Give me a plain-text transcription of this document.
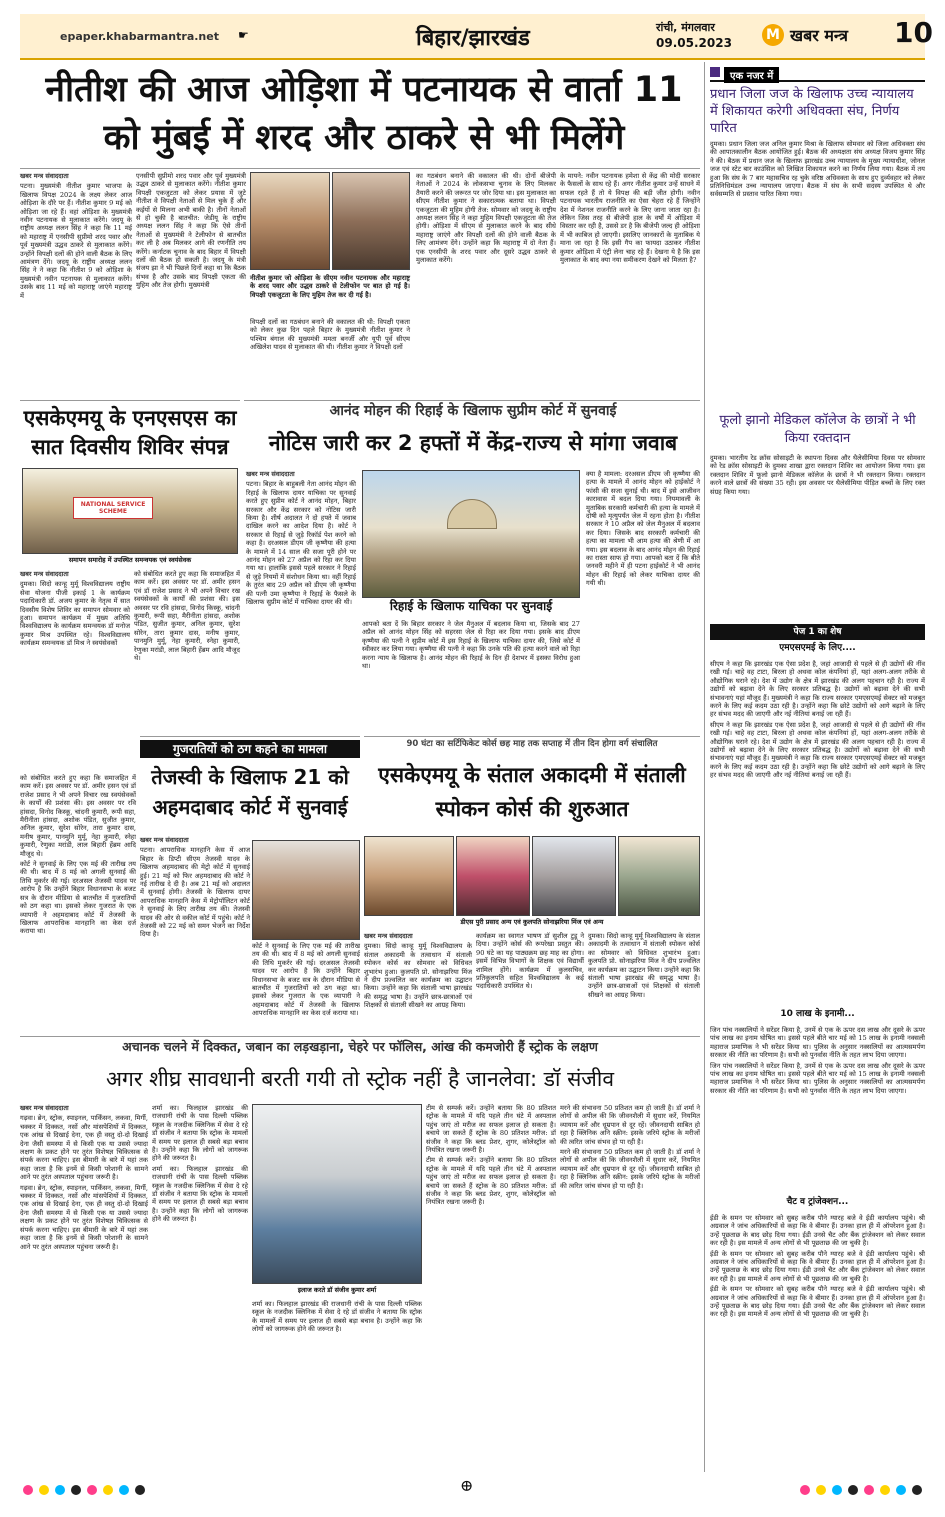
epaper.khabarmantra.net ☛	बिहार/झारखंड	रांची, मंगलवार
09.05.2023 M खबर मन्त्र 10
नीतीश की आज ओड़िशा में पटनायक से वार्ता 11 को मुंबई में शरद और ठाकरे से भी मिलेंगे
खबर मन्त्र संवाददाता

पटना। मुख्यमंत्री नीतीश कुमार भाजपा के खिलाफ विपक्ष 2024 के लक्ष्य लेकर आज ओड़िशा के दौरे पर हैं। नीतीश कुमार 9 मई को ओड़िशा जा रहे हैं। वहां ओड़िशा के मुख्यमंत्री नवीन पटनायक से मुलाकात करेंगे। जदयू के राष्ट्रीय अध्यक्ष ललन सिंह ने कहा कि 11 मई को महाराष्ट्र में एनसीपी सुप्रीमो शरद पवार और पूर्व मुख्यमंत्री उद्धव ठाकरे से मुलाकात करेंगे। उन्होंने विपक्षी दलों की होने वाली बैठक के लिए आमंत्रण देंगे। जदयू के राष्ट्रीय अध्यक्ष ललन सिंह ने ने कहा कि नीतीश 9 को ओड़िशा के मुख्यमंत्री नवीन पटनायक से मुलाकात करेंगे। उसके बाद 11 मई को महाराष्ट्र जाएंगे महाराष्ट्र में

एनसीपी सुप्रीमो शरद पवार और पूर्व मुख्यमंत्री उद्धव ठाकरे से मुलाकात करेंगे। नीतीश कुमार विपक्षी एकजुटता को लेकर प्रयास में जुटे नीतीश वे विपक्षी नेताओं से मिल चुके हैं और कईयों से मिलना अभी बाकी है। तीनों नेताओं से हो चुकी है बातचीत: जेडीयू के राष्ट्रीय अध्यक्ष ललन सिंह ने कहा कि ऐसे तीनों नेताओं से मुख्यमंत्री ने टेलीफोन से बातचीत कर ली है अब मिलकर आगे की रणनीति तय करेंगे। कर्नाटक चुनाव के बाद बिहार में विपक्षी दलों की बैठक हो सकती है। जदयू के मंत्री संजय झा ने भी पिछले दिनों कहा था कि बैठक संभव है और उसके बाद विपक्षी एकता की मुहिम और तेज होगी। मुख्यमंत्री

नीतीश कुमार जो ओड़िशा के सीएम नवीन पटनायक और महाराष्ट्र के शरद पवार और उद्धव ठाकरे से टेलीफोन पर बात हो गई है। विपक्षी एकजुटता के लिए मुहिम तेज कर दी गई है।

विपक्षी दलों का गठबंधन बनाने की वकालत की थी: विपक्षी एकता को लेकर कुछ दिन पहले बिहार के मुख्यमंत्री नीतीश कुमार ने पश्चिम बंगाल की मुख्यमंत्री ममता बनर्जी और यूपी पूर्व सीएम अखिलेश यादव से मुलाकात की थी। नीतीश कुमार ने विपक्षी दलों

का गठबंधन बनाने की वकालत की थी। दोनों बीजेपी नेताओं ने 2024 के लोकसभा चुनाव के लिए मिलकर तैयारी करने की जरूरत पर जोर दिया था। इस मुलाकात का सीएम नीतीश कुमार ने सकारात्मक बताया था। विपक्षी एकजुटता की मुहिम होगी तेज: सोमवार को जदयू के राष्ट्रीय अध्यक्ष ललन सिंह ने कहा मुहिम विपक्षी एकजुटता की तेज होगी। ओड़िशा में सीएम से मुलाकात करने के बाद सीधे महाराष्ट्र जाएंगे और विपक्षी दलों की होने वाली बैठक के लिए आमंत्रण देंगे। उन्होंने कहा कि महाराष्ट्र में दो नेता हैं। एक एनसीपी के शरद पवार और दूसरे उद्धव ठाकरे से मुलाकात करेंगे।

के मायने: नवीन पटनायक हमेशा से केंद्र की मोदी सरकार के फैसलों के साथ रहे हैं। अगर नीतीश कुमार उन्हें साधने में सफल रहते हैं तो ये विपक्ष की बड़ी जीत होगी। नवीन पटनायक भारतीय राजनीति का ऐसा चेहरा रहे हैं जिन्होंने देश में नेशनल राजनीति करने के लिए जाना जाता रहा है। लेकिन जिस तरह से बीजेपी हाल के वर्षों में ओड़िशा में विस्तार कर रही है, उससे डर है कि बीजेपी जल्द ही ओड़िशा में भी काबिज हो जाएगी। इसलिए जानकारों के मुताबिक ये माना जा रहा है कि इसी गैप का फायदा उठाकर नीतीश कुमार ओड़िशा में एंट्री लेना चाह रहे हैं। देखना ये है कि इस मुलाकात के बाद क्या नया समीकरण देखने को मिलता है?

एसकेएमयू के एनएसएस का सात दिवसीय शिविर संपन्न
NATIONAL SERVICE SCHEME
समापन समारोह में उपस्थित समन्वयक एवं स्वयंसेवक
खबर मन्त्र संवाददाता

दुमका। सिदो कान्हू मुर्मू विश्वविद्यालय राष्ट्रीय सेवा योजना पीजी इकाई 1 के कार्यक्रम पदाधिकारी डॉ. अजय कुमार के नेतृत्व में सात दिवसीय विशेष शिविर का समापन सोमवार को हुआ। समापन कार्यक्रम में मुख्य अतिथि विश्वविद्यालय के कार्यक्रम समन्वयक डॉ मनोज कुमार मिश्र उपस्थित रहे। विश्वविद्यालय कार्यक्रम समन्वयक डॉ मिश्र ने स्वयंसेवकों

को संबोधित करते हुए कहा कि समाजहित में काम करें। इस अवसर पर डॉ. अमीर हसन एवं डॉ राजेश प्रसाद ने भी अपने विचार रख स्वयंसेवकों के कार्यों की प्रशंसा की। इस अवसर पर रवि हांसदा, विनोद किस्कू, चांदनी कुमारी, रूपी सहा, मैरीनीता हांसदा, अशोक पंडित, सुजीत कुमार, अनिल कुमार, सुरेश सोरेन, तारा कुमार दास, मनीष कुमार, पानमुनि मुर्मू, नेहा कुमारी, स्नेहा कुमारी, रेणुका मरांडी, लाल बिहारी हेंब्रम आदि मौजूद थे।

आनंद मोहन की रिहाई के खिलाफ सुप्रीम कोर्ट में सुनवाई
नोटिस जारी कर 2 हफ्तों में केंद्र-राज्य से मांगा जवाब
खबर मन्त्र संवाददाता

पटना। बिहार के बाहुबली नेता आनंद मोहन की रिहाई के खिलाफ दायर याचिका पर सुनवाई करते हुए सुप्रीम कोर्ट ने आनंद मोहन, बिहार सरकार और केंद्र सरकार को नोटिस जारी किया है। शीर्ष अदालत ने दो हफ्ते में जवाब दाखिल करने का आदेश दिया है। कोर्ट ने सरकार से रिहाई से जुड़े रिकॉर्ड पेश करने को कहा है। दरअसल डीएम जी कृष्णैया की हत्या के मामले में 14 साल की सजा पूरी होने पर आनंद मोहन को 27 अप्रैल को रिहा कर दिया गया था। हालांकि इससे पहले सरकार ने रिहाई से जुड़े नियमों में संशोधन किया था। वहीं रिहाई के तुरंत बाद 29 अप्रैल को डीएम जी कृष्णैया की पत्नी उमा कृष्णैया ने रिहाई के फैसले के खिलाफ सुप्रीम कोर्ट में याचिका दायर की थी।	रिहाई के खिलाफ याचिका पर सुनवाई

आपको बता दें कि बिहार सरकार ने जेल मैनुअल में बदलाव किया था, जिसके बाद 27 अप्रैल को आनंद मोहन सिंह को सहरसा जेल से रिहा कर दिया गया। इसके बाद डीएम कृष्णैया की पत्नी ने सुप्रीम कोर्ट में इस रिहाई के खिलाफ याचिका दायर की, जिसे कोर्ट में स्वीकार कर लिया गया। कृष्णैया की पत्नी ने कहा कि उनके पति की हत्या करने वाले को रिहा करना न्याय के खिलाफ है। आनंद मोहन की रिहाई के दिन ही देशभर में इसका विरोध हुआ था।

क्या है मामला: दरअसल डीएम जी कृष्णैया की हत्या के मामले में आनंद मोहन को हाईकोर्ट ने फांसी की सजा सुनाई थी। बाद में इसे आजीवन कारावास में बदल दिया गया। नियमावली के मुताबिक सरकारी कर्मचारी की हत्या के मामले में दोषी को मृत्युपर्यंत जेल में रहना होता है। नीतीश सरकार ने 10 अप्रैल को जेल मैनुअल में बदलाव कर दिया। जिसके बाद सरकारी कर्मचारी की हत्या का मामला भी आम हत्या की श्रेणी में आ गया। इस बदलाव के बाद आनंद मोहन की रिहाई का रास्ता साफ हो गया। आपको बता दें कि बीते जनवरी महीने में ही पटना हाईकोर्ट ने भी आनंद मोहन की रिहाई को लेकर याचिका दायर की गयी थी।

गुजरातियों को ठग कहने का मामला
तेजस्वी के खिलाफ 21 को अहमदाबाद कोर्ट में सुनवाई
खबर मन्त्र संवाददाता

पटना। आपराधिक मानहानि केस में आज बिहार के डिप्टी सीएम तेजस्वी यादव के खिलाफ अहमदाबाद की मेट्रो कोर्ट में सुनवाई हुई। 21 मई को फिर अहमदाबाद की कोर्ट ने नई तारीख दे दी है। अब 21 मई को अदालत में सुनवाई होगी। तेजस्वी के खिलाफ दायर आपराधिक मानहानि केस में मेट्रोपॉलिटन कोर्ट ने सुनवाई के लिए तारीख तय की। तेजस्वी यादव की ओर से वकील कोर्ट में पहुंचे। कोर्ट ने तेजस्वी को 22 मई को समन भेजने का निर्देश दिया है।

कोर्ट ने सुनवाई के लिए एक मई की तारीख तय की थी। बाद में 8 मई को अगली सुनवाई की तिथि मुकर्रर की गई। दरअसल तेजस्वी यादव पर आरोप है कि उन्होंने बिहार विधानसभा के बजट सत्र के दौरान मीडिया से बातचीत में गुजरातियों को ठग कहा था। इसको लेकर गुजरात के एक व्यापारी ने अहमदाबाद कोर्ट में तेजस्वी के खिलाफ आपराधिक मानहानि का केस दर्ज कराया था।

90 घंटा का सर्टिफिकेट कोर्स छह माह तक सप्ताह में तीन दिन होगा वर्ग संचालित
एसकेएमयू के संताल अकादमी में संताली स्पोकन कोर्स की शुरुआत
डीएस पुरी प्रसाद अन्य एवं कुलपति सोनाझरिया मिंज एवं अन्य
खबर मन्त्र संवाददाता

दुमका। सिदो कान्हू मुर्मू विश्वविद्यालय के संताल अकादमी के तत्वाधान में संताली स्पोकन कोर्स का सोमवार को विधिवत शुभारंभ हुआ। कुलपति प्रो. सोनाझरिया मिंज ने दीप प्रज्वलित कर कार्यक्रम का उद्घाटन किया। उन्होंने कहा कि संताली भाषा झारखंड की समृद्ध भाषा है। उन्होंने छात्र-छात्राओं एवं शिक्षकों से संताली सीखने का आग्रह किया।

कार्यक्रम का स्वागत भाषण डॉ सुशील टुडू ने दिया। उन्होंने कोर्स की रूपरेखा प्रस्तुत की। 90 घंटे का यह पाठ्यक्रम छह माह का होगा। इसमें विभिन्न विभागों के शिक्षक एवं विद्यार्थी शामिल होंगे। कार्यक्रम में कुलसचिव, प्रतिकुलपति सहित विश्वविद्यालय के कई पदाधिकारी उपस्थित थे।

दुमका। सिदो कान्हू मुर्मू विश्वविद्यालय के संताल अकादमी के तत्वाधान में संताली स्पोकन कोर्स का सोमवार को विधिवत शुभारंभ हुआ। कुलपति प्रो. सोनाझरिया मिंज ने दीप प्रज्वलित कर कार्यक्रम का उद्घाटन किया। उन्होंने कहा कि संताली भाषा झारखंड की समृद्ध भाषा है। उन्होंने छात्र-छात्राओं एवं शिक्षकों से संताली सीखने का आग्रह किया।

को संबोधित करते हुए कहा कि समाजहित में काम करें। इस अवसर पर डॉ. अमीर हसन एवं डॉ राजेश प्रसाद ने भी अपने विचार रख स्वयंसेवकों के कार्यों की प्रशंसा की। इस अवसर पर रवि हांसदा, विनोद किस्कू, चांदनी कुमारी, रूपी सहा, मैरीनीता हांसदा, अशोक पंडित, सुजीत कुमार, अनिल कुमार, सुरेश सोरेन, तारा कुमार दास, मनीष कुमार, पानमुनि मुर्मू, नेहा कुमारी, स्नेहा कुमारी, रेणुका मरांडी, लाल बिहारी हेंब्रम आदि मौजूद थे।

कोर्ट ने सुनवाई के लिए एक मई की तारीख तय की थी। बाद में 8 मई को अगली सुनवाई की तिथि मुकर्रर की गई। दरअसल तेजस्वी यादव पर आरोप है कि उन्होंने बिहार विधानसभा के बजट सत्र के दौरान मीडिया से बातचीत में गुजरातियों को ठग कहा था। इसको लेकर गुजरात के एक व्यापारी ने अहमदाबाद कोर्ट में तेजस्वी के खिलाफ आपराधिक मानहानि का केस दर्ज कराया था।

अचानक चलने में दिक्कत, जबान का लड़खड़ाना, चेहरे पर फॉलिस, आंख की कमजोरी हैं स्ट्रोक के लक्षण
अगर शीघ्र सावधानी बरती गयी तो स्ट्रोक नहीं है जानलेवा: डॉ संजीव
खबर मन्त्र संवाददाता

गढ़वा। ब्रेन, स्ट्रोक, स्पाइनल, पार्किंसन, लकवा, मिर्गी, चक्कर में दिक्कत, नसों और मांसपेशियों में दिक्कत, एक आंख से दिखाई देना, एक ही वस्तु दो-दो दिखाई देना जैसी समस्या में से किसी एक या उससे ज्यादा लक्षण के प्रकट होने पर तुरंत विशेषज्ञ चिकित्सक से संपर्क करना चाहिए। इस बीमारी के बारे में यहां तक कहा जाता है कि इनमें से किसी परेशानी के सामने आने पर तुरंत अस्पताल पहुंचना जरूरी है।

गढ़वा। ब्रेन, स्ट्रोक, स्पाइनल, पार्किंसन, लकवा, मिर्गी, चक्कर में दिक्कत, नसों और मांसपेशियों में दिक्कत, एक आंख से दिखाई देना, एक ही वस्तु दो-दो दिखाई देना जैसी समस्या में से किसी एक या उससे ज्यादा लक्षण के प्रकट होने पर तुरंत विशेषज्ञ चिकित्सक से संपर्क करना चाहिए। इस बीमारी के बारे में यहां तक कहा जाता है कि इनमें से किसी परेशानी के सामने आने पर तुरंत अस्पताल पहुंचना जरूरी है।

शर्मा का। फिलहाल झारखंड की राजधानी रांची के पास दिल्ली पब्लिक स्कूल के नजदीक क्लिनिक में सेवा दे रहे डॉ संजीव ने बताया कि स्ट्रोक के मामलों में समय पर इलाज ही सबसे बड़ा बचाव है। उन्होंने कहा कि लोगों को जागरूक होने की जरूरत है।

शर्मा का। फिलहाल झारखंड की राजधानी रांची के पास दिल्ली पब्लिक स्कूल के नजदीक क्लिनिक में सेवा दे रहे डॉ संजीव ने बताया कि स्ट्रोक के मामलों में समय पर इलाज ही सबसे बड़ा बचाव है। उन्होंने कहा कि लोगों को जागरूक होने की जरूरत है।

इलाज करते डॉ संजीव कुमार शर्मा

शर्मा का। फिलहाल झारखंड की राजधानी रांची के पास दिल्ली पब्लिक स्कूल के नजदीक क्लिनिक में सेवा दे रहे डॉ संजीव ने बताया कि स्ट्रोक के मामलों में समय पर इलाज ही सबसे बड़ा बचाव है। उन्होंने कहा कि लोगों को जागरूक होने की जरूरत है।

टीम से सम्पर्क करें। उन्होंने बताया कि 80 प्रतिशत स्ट्रोक के मामले में यदि पहले तीन घंटे में अस्पताल पहुंच जाएं तो मरीज का सफल इलाज हो सकता है। बचाये जा सकते हैं स्ट्रोक के 80 प्रतिशत मरीज: डॉ संजीव ने कहा कि ब्लड प्रेशर, शुगर, कोलेस्ट्रॉल को नियंत्रित रखना जरूरी है।

टीम से सम्पर्क करें। उन्होंने बताया कि 80 प्रतिशत स्ट्रोक के मामले में यदि पहले तीन घंटे में अस्पताल पहुंच जाएं तो मरीज का सफल इलाज हो सकता है। बचाये जा सकते हैं स्ट्रोक के 80 प्रतिशत मरीज: डॉ संजीव ने कहा कि ब्लड प्रेशर, शुगर, कोलेस्ट्रॉल को नियंत्रित रखना जरूरी है।

मरने की संभावना 50 प्रतिशत कम हो जाती है। डॉ शर्मा ने लोगों से अपील की कि जीवनशैली में सुधार करें, नियमित व्यायाम करें और धूम्रपान से दूर रहें। जीवनदायी साबित हो रहा है क्लिनिक अनि स्क्रीन: इसके जरिये स्ट्रोक के मरीजों की त्वरित जांच संभव हो पा रही है।

मरने की संभावना 50 प्रतिशत कम हो जाती है। डॉ शर्मा ने लोगों से अपील की कि जीवनशैली में सुधार करें, नियमित व्यायाम करें और धूम्रपान से दूर रहें। जीवनदायी साबित हो रहा है क्लिनिक अनि स्क्रीन: इसके जरिये स्ट्रोक के मरीजों की त्वरित जांच संभव हो पा रही है।

एक नजर में
प्रधान जिला जज के खिलाफ उच्च न्यायालय में शिकायत करेगी अधिवक्ता संघ, निर्णय पारित
दुमका। प्रधान जिला जज अनिल कुमार मिश्रा के खिलाफ सोमवार को जिला अधिवक्ता संघ की आपातकालीन बैठक आयोजित हुई। बैठक की अध्यक्षता संघ अध्यक्ष विजय कुमार सिंह ने की। बैठक में प्रधान जज के खिलाफ झारखंड उच्च न्यायालय के मुख्य न्यायाधीश, जोनल जज एवं स्टेट बार काउंसिल को लिखित शिकायत करने का निर्णय लिया गया। बैठक में तय हुआ कि संघ के 7 बार महासचिव रह चुके वरिष्ठ अधिवक्ता के साथ हुए दुर्व्यवहार को लेकर प्रतिनिधिमंडल उच्च न्यायालय जाएगा। बैठक में संघ के सभी सदस्य उपस्थित थे और सर्वसम्मति से प्रस्ताव पारित किया गया।
फूलो झानो मेडिकल कॉलेज के छात्रों ने भी किया रक्तदान
दुमका। भारतीय रेड क्रॉस सोसाइटी के स्थापना दिवस और थैलेसीमिया दिवस पर सोमवार को रेड क्रॉस सोसाइटी के दुमका शाखा द्वारा रक्तदान शिविर का आयोजन किया गया। इस रक्तदान शिविर में फूलो झानो मेडिकल कॉलेज के छात्रों ने भी रक्तदान किया। रक्तदान करने वाले छात्रों की संख्या 35 रही। इस अवसर पर थैलेसीमिया पीड़ित बच्चों के लिए रक्त संग्रह किया गया।
पेज 1 का शेष
एमएसएमई के लिए....

सीएम ने कहा कि झारखंड एक ऐसा प्रदेश है, जहां आजादी से पहले से ही उद्योगों की नींव रखी गई। चाहे वह टाटा, बिरला हो अथवा कोल कंपनियां हों, यहां अलग-अलग तरीके से औद्योगिक घराने रहे। देश में उद्योग के क्षेत्र में झारखंड की अलग पहचान रही है। राज्य में उद्योगों को बढ़ावा देने के लिए सरकार प्रतिबद्ध है। उद्योगों को बढ़ावा देने की सभी संभावनाएं यहां मौजूद हैं। मुख्यमंत्री ने कहा कि राज्य सरकार एमएसएमई सेक्टर को मजबूत करने के लिए कई कदम उठा रही है। उन्होंने कहा कि छोटे उद्योगों को आगे बढ़ाने के लिए हर संभव मदद की जाएगी और नई नीतियां बनाई जा रही हैं।

सीएम ने कहा कि झारखंड एक ऐसा प्रदेश है, जहां आजादी से पहले से ही उद्योगों की नींव रखी गई। चाहे वह टाटा, बिरला हो अथवा कोल कंपनियां हों, यहां अलग-अलग तरीके से औद्योगिक घराने रहे। देश में उद्योग के क्षेत्र में झारखंड की अलग पहचान रही है। राज्य में उद्योगों को बढ़ावा देने के लिए सरकार प्रतिबद्ध है। उद्योगों को बढ़ावा देने की सभी संभावनाएं यहां मौजूद हैं। मुख्यमंत्री ने कहा कि राज्य सरकार एमएसएमई सेक्टर को मजबूत करने के लिए कई कदम उठा रही है। उन्होंने कहा कि छोटे उद्योगों को आगे बढ़ाने के लिए हर संभव मदद की जाएगी और नई नीतियां बनाई जा रही हैं।

10 लाख के इनामी...

जिन पांच नक्सलियों ने सरेंडर किया है, उनमें से एक के ऊपर दस लाख और दूसरे के ऊपर पांच लाख का इनाम घोषित था। इससे पहले बीते चार मई को 15 लाख के इनामी नक्सली महाराज प्रमाणिक ने भी सरेंडर किया था। पुलिस के अनुसार नक्सलियों का आत्मसमर्पण सरकार की नीति का परिणाम है। सभी को पुनर्वास नीति के तहत लाभ दिया जाएगा।

जिन पांच नक्सलियों ने सरेंडर किया है, उनमें से एक के ऊपर दस लाख और दूसरे के ऊपर पांच लाख का इनाम घोषित था। इससे पहले बीते चार मई को 15 लाख के इनामी नक्सली महाराज प्रमाणिक ने भी सरेंडर किया था। पुलिस के अनुसार नक्सलियों का आत्मसमर्पण सरकार की नीति का परिणाम है। सभी को पुनर्वास नीति के तहत लाभ दिया जाएगा।

चैट व ट्रांजेक्शन...

ईडी के समन पर सोमवार को सुबह करीब पौने ग्यारह बजे वे ईडी कार्यालय पहुंचे। श्री अग्रवाल ने जांच अधिकारियों से कहा कि वे बीमार हैं। उनका हाल ही में ऑपरेशन हुआ है। उन्हें पूछताछ के बाद छोड़ दिया गया। ईडी उनसे चैट और बैंक ट्रांजेक्शन को लेकर सवाल कर रही है। इस मामले में अन्य लोगों से भी पूछताछ की जा चुकी है।

ईडी के समन पर सोमवार को सुबह करीब पौने ग्यारह बजे वे ईडी कार्यालय पहुंचे। श्री अग्रवाल ने जांच अधिकारियों से कहा कि वे बीमार हैं। उनका हाल ही में ऑपरेशन हुआ है। उन्हें पूछताछ के बाद छोड़ दिया गया। ईडी उनसे चैट और बैंक ट्रांजेक्शन को लेकर सवाल कर रही है। इस मामले में अन्य लोगों से भी पूछताछ की जा चुकी है।

ईडी के समन पर सोमवार को सुबह करीब पौने ग्यारह बजे वे ईडी कार्यालय पहुंचे। श्री अग्रवाल ने जांच अधिकारियों से कहा कि वे बीमार हैं। उनका हाल ही में ऑपरेशन हुआ है। उन्हें पूछताछ के बाद छोड़ दिया गया। ईडी उनसे चैट और बैंक ट्रांजेक्शन को लेकर सवाल कर रही है। इस मामले में अन्य लोगों से भी पूछताछ की जा चुकी है।

⊕
